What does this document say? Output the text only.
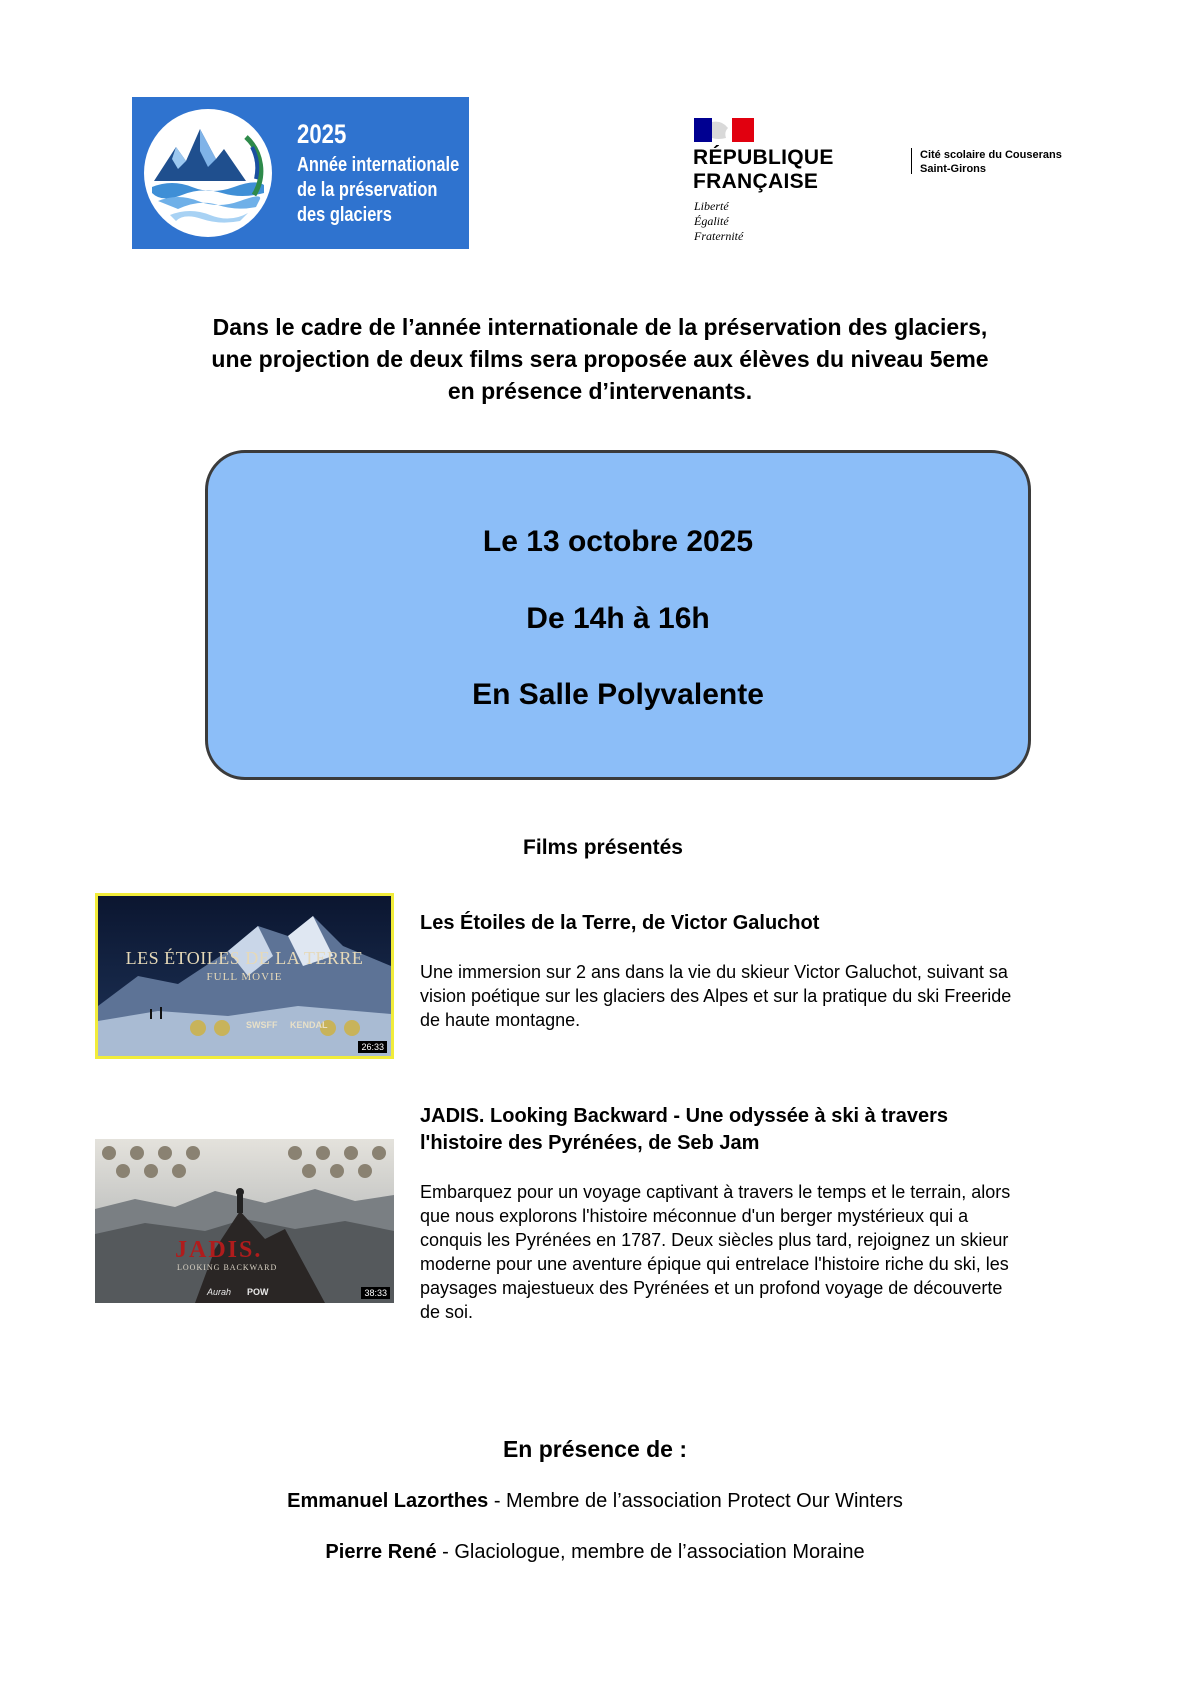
2025
Année internationale
de la préservation
des glaciers
RÉPUBLIQUE
FRANÇAISE
Liberté
Égalité
Fraternité
Cité scolaire du Couserans
Saint-Girons
Dans le cadre de l’année internationale de la préservation des glaciers,
une projection de deux films sera proposée aux élèves du niveau 5eme
en présence d’intervenants.
Le 13 octobre 2025
De 14h à 16h
En Salle Polyvalente
Films présentés
LES ÉTOILES DE LA TERRE
FULL MOVIE
SWSFF KENDAL
26:33
Les Étoiles de la Terre, de Victor Galuchot
Une immersion sur 2 ans dans la vie du skieur Victor Galuchot, suivant sa
vision poétique sur les glaciers des Alpes et sur la pratique du ski Freeride
de haute montagne.
JADIS.
LOOKING BACKWARD
Aurah POW	38:33
JADIS. Looking Backward - Une odyssée à ski à travers
l'histoire des Pyrénées, de Seb Jam
Embarquez pour un voyage captivant à travers le temps et le terrain, alors
que nous explorons l'histoire méconnue d'un berger mystérieux qui a
conquis les Pyrénées en 1787. Deux siècles plus tard, rejoignez un skieur
moderne pour une aventure épique qui entrelace l'histoire riche du ski, les
paysages majestueux des Pyrénées et un profond voyage de découverte
de soi.
En présence de :
Emmanuel Lazorthes - Membre de l’association Protect Our Winters
Pierre René - Glaciologue, membre de l’association Moraine
